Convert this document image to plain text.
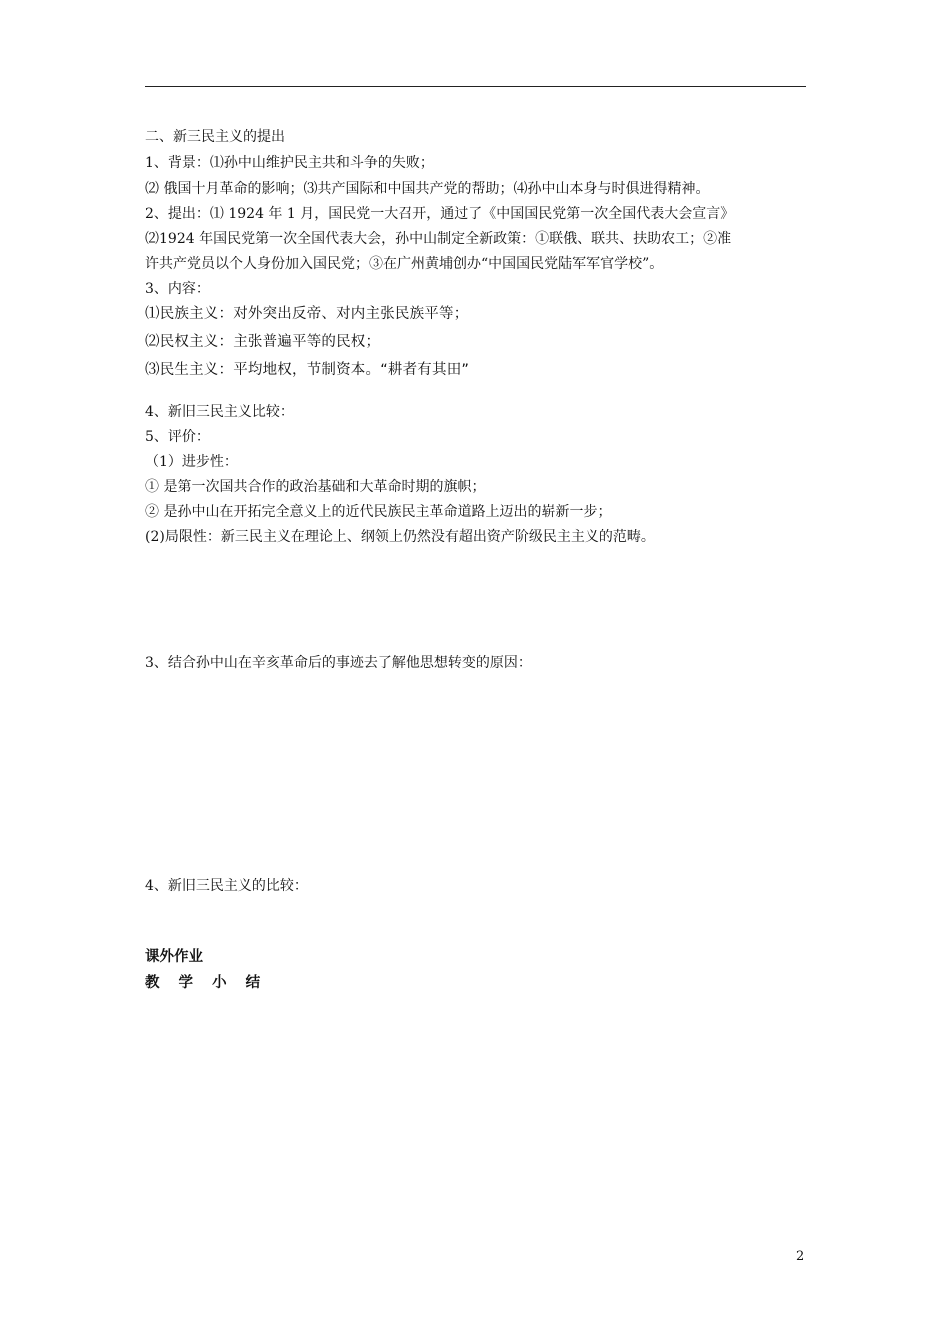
二、新三民主义的提出
1、背景：⑴孙中山维护民主共和斗争的失败；
⑵ 俄国十月革命的影响；⑶共产国际和中国共产党的帮助；⑷孙中山本身与时俱进得精神。
2、提出：⑴ 1924 年 1 月，国民党一大召开，通过了《中国国民党第一次全国代表大会宣言》
⑵1924 年国民党第一次全国代表大会，孙中山制定全新政策：①联俄、联共、扶助农工；②准
许共产党员以个人身份加入国民党；③在广州黄埔创办“中国国民党陆军军官学校”。
3、内容：
⑴民族主义：对外突出反帝、对内主张民族平等；
⑵民权主义：主张普遍平等的民权；
⑶民生主义：平均地权，节制资本。“耕者有其田”
4、新旧三民主义比较：
5、评价：
（1）进步性：
① 是第一次国共合作的政治基础和大革命时期的旗帜；
② 是孙中山在开拓完全意义上的近代民族民主革命道路上迈出的崭新一步；
(2)局限性：新三民主义在理论上、纲领上仍然没有超出资产阶级民主主义的范畴。
3、结合孙中山在辛亥革命后的事迹去了解他思想转变的原因：
4、新旧三民主义的比较：
课外作业
教 学 小 结
2
